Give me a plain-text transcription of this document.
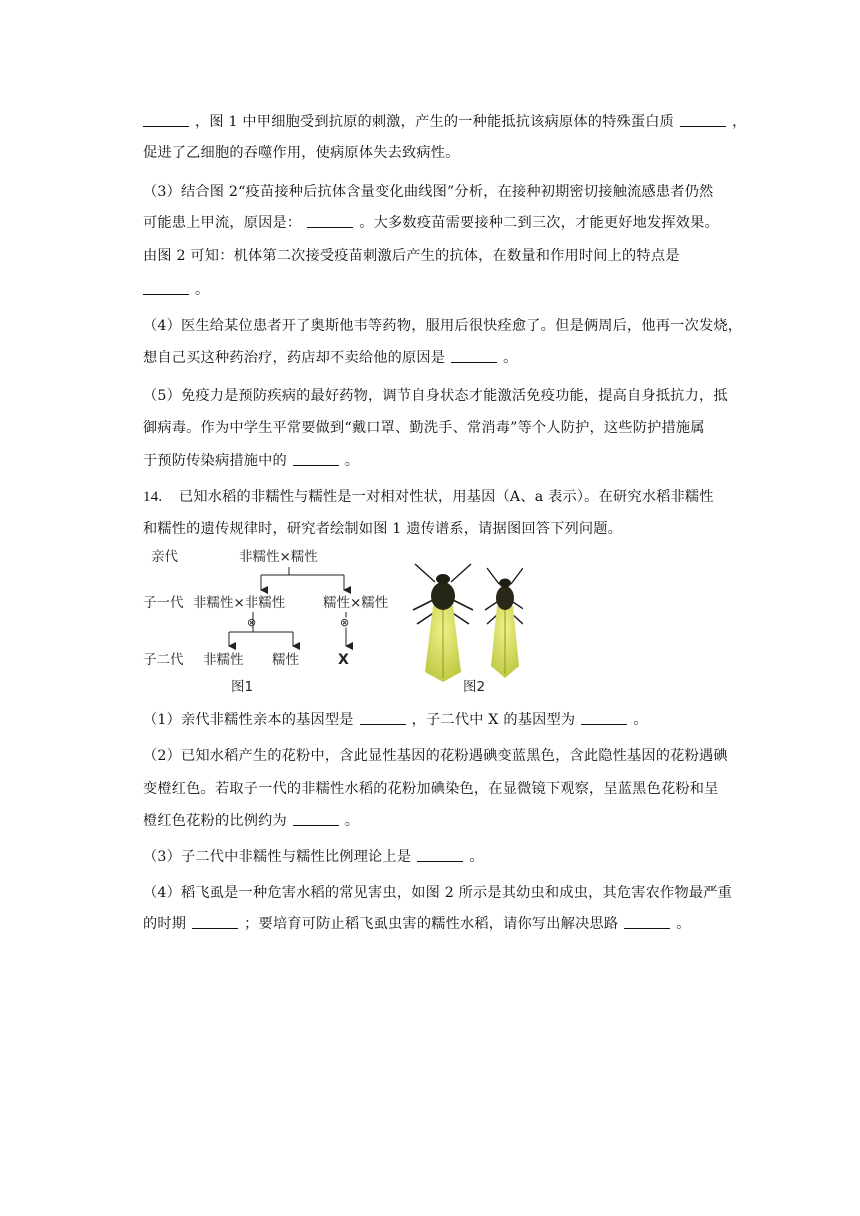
，图 1 中甲细胞受到抗原的刺激，产生的一种能抵抗该病原体的特殊蛋白质	，
促进了乙细胞的吞噬作用，使病原体失去致病性。
（3）结合图 2“疫苗接种后抗体含量变化曲线图”分析，在接种初期密切接触流感患者仍然
可能患上甲流，原因是：	。大多数疫苗需要接种二到三次，才能更好地发挥效果。
由图 2 可知：机体第二次接受疫苗刺激后产生的抗体，在数量和作用时间上的特点是
。
（4）医生给某位患者开了奥斯他韦等药物，服用后很快痊愈了。但是俩周后，他再一次发烧，
想自己买这种药治疗，药店却不卖给他的原因是	。
（5）免疫力是预防疾病的最好药物，调节自身状态才能激活免疫功能，提高自身抵抗力，抵
御病毒。作为中学生平常要做到“戴口罩、勤洗手、常消毒”等个人防护，这些防护措施属
于预防传染病措施中的	。
14. 已知水稻的非糯性与糯性是一对相对性状，用基因（A、a 表示）。在研究水稻非糯性
和糯性的遗传规律时，研究者绘制如图 1 遗传谱系，请据图回答下列问题。
亲代
子一代
子二代
非糯性×糯性
非糯性×非糯性	糯性×糯性
⊗	⊗
非糯性 糯性	X
图1	图2
（1）亲代非糯性亲本的基因型是	，子二代中 X 的基因型为	。
（2）已知水稻产生的花粉中，含此显性基因的花粉遇碘变蓝黑色，含此隐性基因的花粉遇碘
变橙红色。若取子一代的非糯性水稻的花粉加碘染色，在显微镜下观察，呈蓝黑色花粉和呈
橙红色花粉的比例约为	。
（3）子二代中非糯性与糯性比例理论上是	。
（4）稻飞虱是一种危害水稻的常见害虫，如图 2 所示是其幼虫和成虫，其危害农作物最严重
的时期	；要培育可防止稻飞虱虫害的糯性水稻，请你写出解决思路	。
